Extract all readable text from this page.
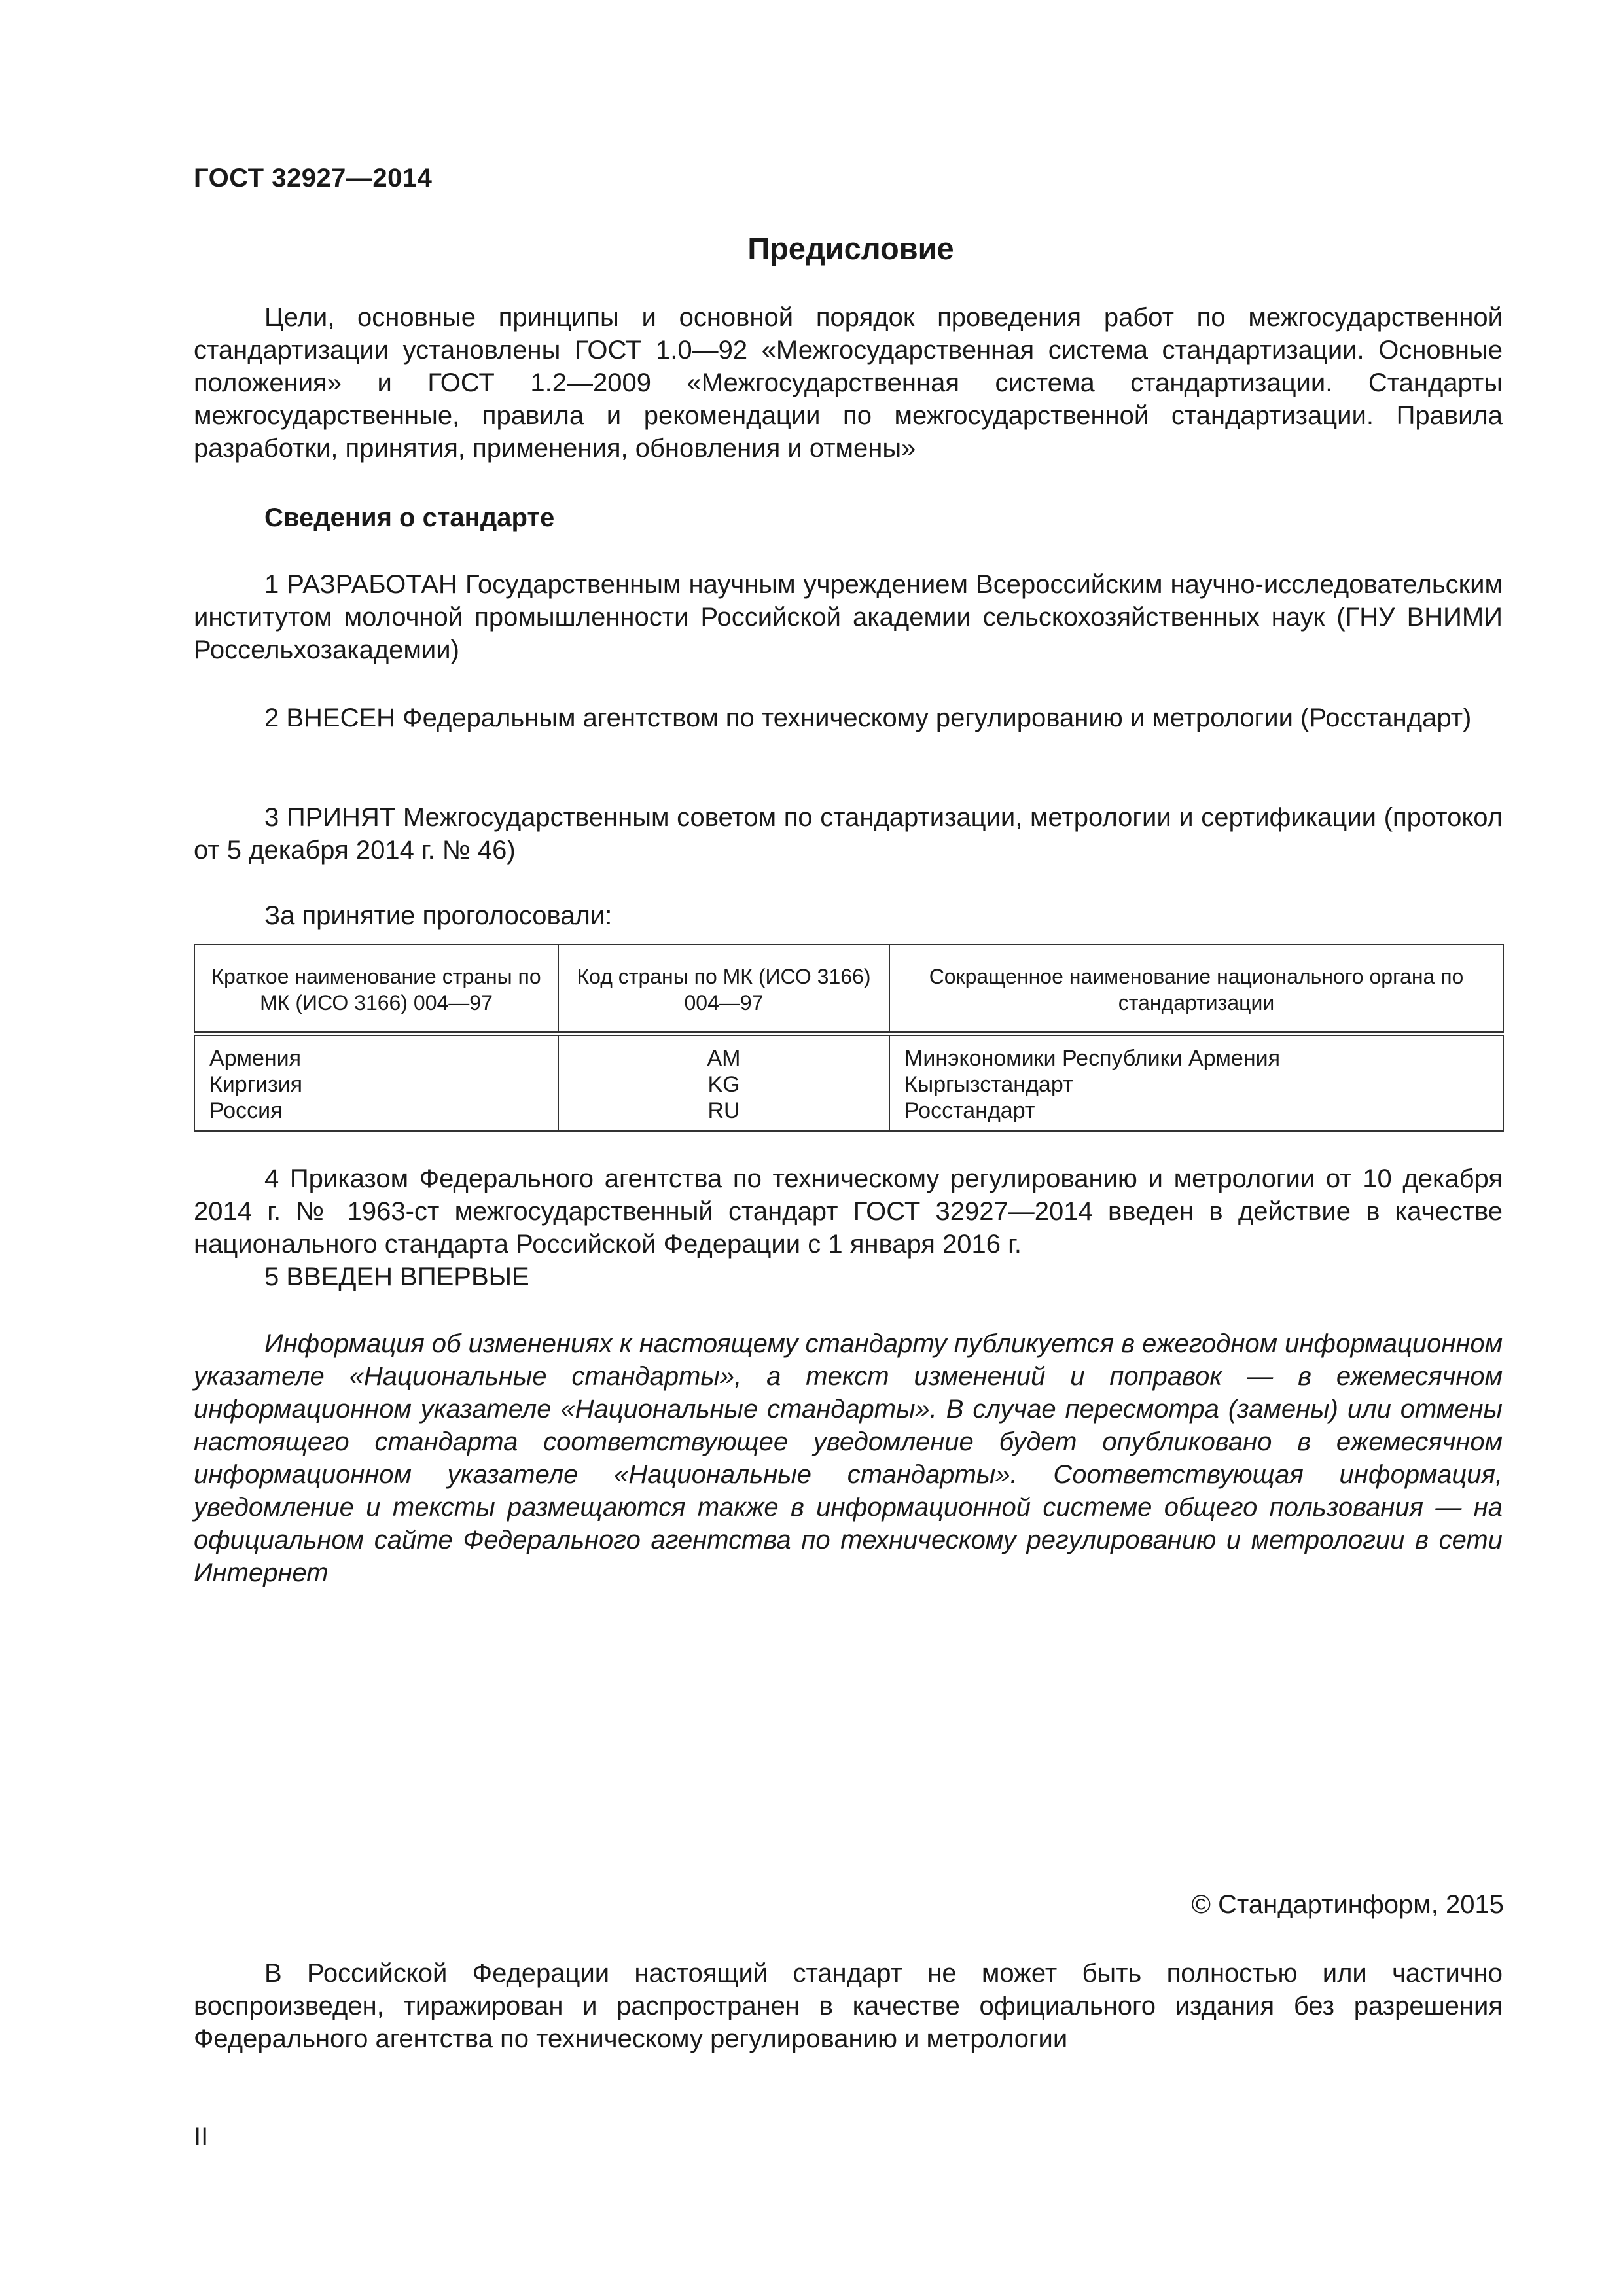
ГОСТ 32927—2014
Предисловие

Цели, основные принципы и основной порядок проведения работ по межгосударственной стандартизации установлены ГОСТ 1.0—92 «Межгосударственная система стандартизации. Основные положения» и ГОСТ 1.2—2009 «Межгосударственная система стандартизации. Стандарты межгосударственные, правила и рекомендации по межгосударственной стандартизации. Правила разработки, принятия, применения, обновления и отмены»

Сведения о стандарте

1 РАЗРАБОТАН Государственным научным учреждением Всероссийским научно-исследовательским институтом молочной промышленности Российской академии сельскохозяйственных наук (ГНУ ВНИМИ Россельхозакадемии)

2 ВНЕСЕН Федеральным агентством по техническому регулированию и метрологии (Росстандарт)

3 ПРИНЯТ Межгосударственным советом по стандартизации, метрологии и сертификации (протокол от 5 декабря 2014 г. № 46)

За принятие проголосовали:
Краткое наименование страны по МК (ИСО 3166) 004—97	Код страны по МК (ИСО 3166) 004—97	Сокращенное наименование национального органа по стандартизации
Армения	AM	Минэкономики Республики Армения
Киргизия	KG	Кыргызстандарт
Россия	RU	Росстандарт

4 Приказом Федерального агентства по техническому регулированию и метрологии от 10 декабря 2014 г. № 1963-ст межгосударственный стандарт ГОСТ 32927—2014 введен в действие в качестве национального стандарта Российской Федерации с 1 января 2016 г.

5 ВВЕДЕН ВПЕРВЫЕ

Информация об изменениях к настоящему стандарту публикуется в ежегодном информационном указателе «Национальные стандарты», а текст изменений и поправок — в ежемесячном информационном указателе «Национальные стандарты». В случае пересмотра (замены) или отмены настоящего стандарта соответствующее уведомление будет опубликовано в ежемесячном информационном указателе «Национальные стандарты». Соответствующая информация, уведомление и тексты размещаются также в информационной системе общего пользования — на официальном сайте Федерального агентства по техническому регулированию и метрологии в сети Интернет

© Стандартинформ, 2015

В Российской Федерации настоящий стандарт не может быть полностью или частично воспроизведен, тиражирован и распространен в качестве официального издания без разрешения Федерального агентства по техническому регулированию и метрологии

II
